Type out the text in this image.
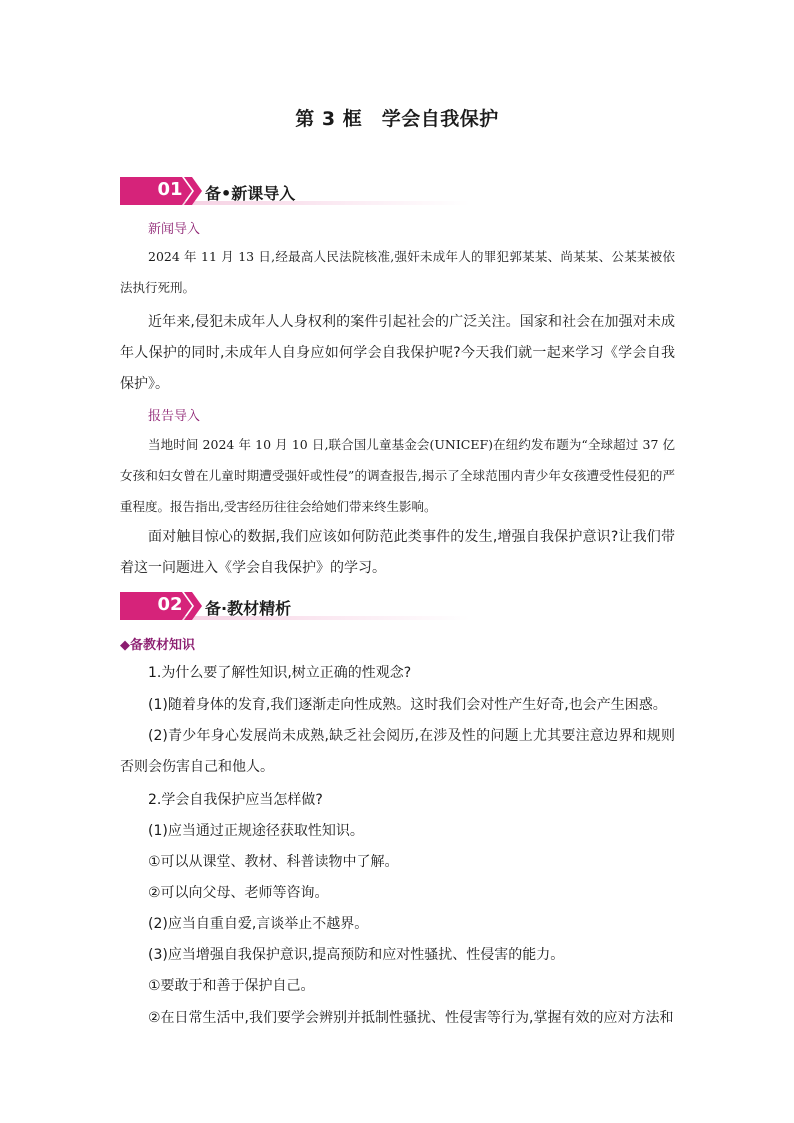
第 3 框　学会自我保护
01	备•新课导入
新闻导入

2024 年 11 月 13 日,经最高人民法院核准,强奸未成年人的罪犯郭某某、尚某某、公某某被依法执行死刑。

近年来,侵犯未成年人人身权利的案件引起社会的广泛关注。国家和社会在加强对未成年人保护的同时,未成年人自身应如何学会自我保护呢?今天我们就一起来学习《学会自我保护》。

报告导入

当地时间 2024 年 10 月 10 日,联合国儿童基金会(UNICEF)在纽约发布题为“全球超过 37 亿女孩和妇女曾在儿童时期遭受强奸或性侵”的调查报告,揭示了全球范围内青少年女孩遭受性侵犯的严重程度。报告指出,受害经历往往会给她们带来终生影响。

面对触目惊心的数据,我们应该如何防范此类事件的发生,增强自我保护意识?让我们带着这一问题进入《学会自我保护》的学习。

02	备·教材精析
◆备教材知识
1.为什么要了解性知识,树立正确的性观念?
(1)随着身体的发育,我们逐渐走向性成熟。这时我们会对性产生好奇,也会产生困惑。

(2)青少年身心发展尚未成熟,缺乏社会阅历,在涉及性的问题上尤其要注意边界和规则否则会伤害自己和他人。

2.学会自我保护应当怎样做?
(1)应当通过正规途径获取性知识。
①可以从课堂、教材、科普读物中了解。
②可以向父母、老师等咨询。
(2)应当自重自爱,言谈举止不越界。
(3)应当增强自我保护意识,提高预防和应对性骚扰、性侵害的能力。
①要敢于和善于保护自己。
②在日常生活中,我们要学会辨别并抵制性骚扰、性侵害等行为,掌握有效的应对方法和
